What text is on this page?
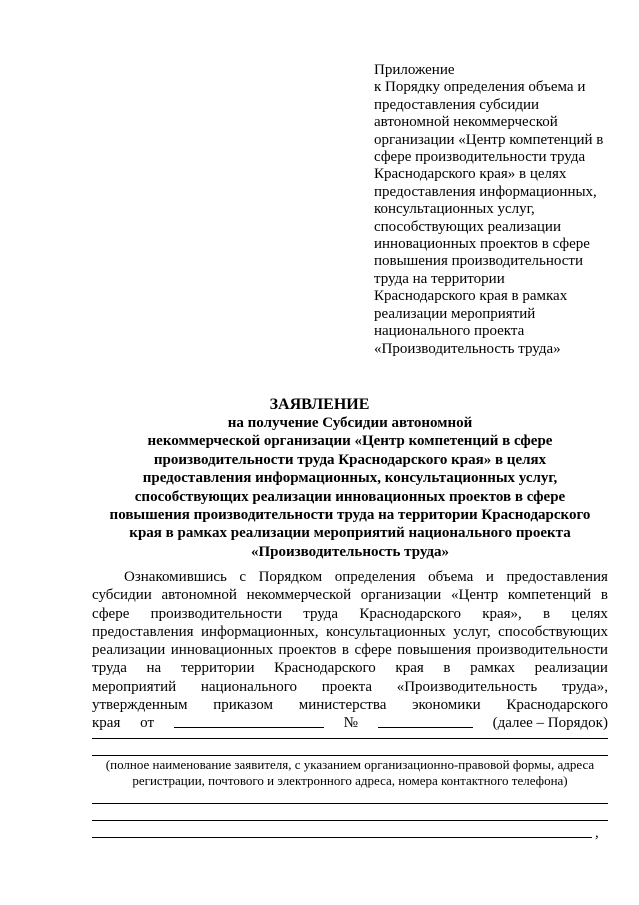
Приложение
к Порядку определения объема и
предоставления субсидии
автономной некоммерческой
организации «Центр компетенций в
сфере производительности труда
Краснодарского края» в целях
предоставления информационных,
консультационных услуг,
способствующих реализации
инновационных проектов в сфере
повышения производительности
труда на территории
Краснодарского края в рамках
реализации мероприятий
национального проекта
«Производительность труда»
ЗАЯВЛЕНИЕ
на получение Субсидии автономной
некоммерческой организации «Центр компетенций в сфере
производительности труда Краснодарского края» в целях
предоставления информационных, консультационных услуг,
способствующих реализации инновационных проектов в сфере
повышения производительности труда на территории Краснодарского
края в рамках реализации мероприятий национального проекта
«Производительность труда»
Ознакомившись с Порядком определения объема и предоставления
субсидии автономной некоммерческой организации «Центр компетенций в
сфере производительности труда Краснодарского края», в целях
предоставления информационных, консультационных услуг, способствующих
реализации инновационных проектов в сфере повышения производительности
труда на территории Краснодарского края в рамках реализации
мероприятий национального проекта «Производительность труда»,
утвержденным приказом министерства экономики Краснодарского
края от	№	(далее – Порядок)
(полное наименование заявителя, с указанием организационно-правовой формы, адреса
регистрации, почтового и электронного адреса, номера контактного телефона)
,
